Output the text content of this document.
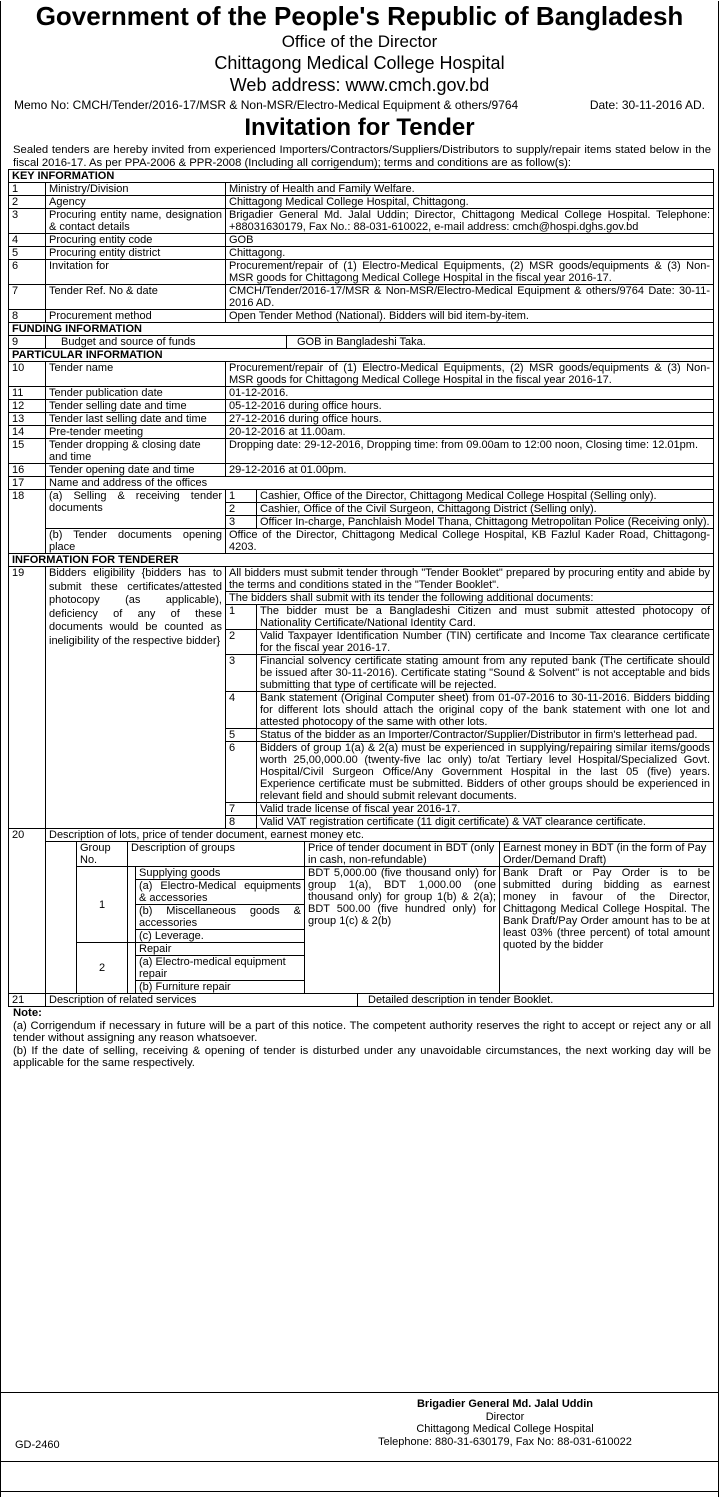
Government of the People's Republic of Bangladesh
Office of the Director
Chittagong Medical College Hospital
Web address: www.cmch.gov.bd
Memo No: CMCH/Tender/2016-17/MSR & Non-MSR/Electro-Medical Equipment & others/9764	Date: 30-11-2016 AD.
Invitation for Tender
Sealed tenders are hereby invited from experienced Importers/Contractors/Suppliers/Distributors to supply/repair items stated below in the fiscal 2016-17. As per PPA-2006 & PPR-2008 (Including all corrigendum); terms and conditions are as follow(s):
KEY INFORMATION
1	Ministry/Division	Ministry of Health and Family Welfare.
2	Agency	Chittagong Medical College Hospital, Chittagong.
3	Procuring entity name, designation & contact details	Brigadier General Md. Jalal Uddin; Director, Chittagong Medical College Hospital. Telephone: +88031630179, Fax No.: 88-031-610022, e-mail address: cmch@hospi.dghs.gov.bd
4	Procuring entity code	GOB
5	Procuring entity district	Chittagong.
6	Invitation for	Procurement/repair of (1) Electro-Medical Equipments, (2) MSR goods/equipments & (3) Non-MSR goods for Chittagong Medical College Hospital in the fiscal year 2016-17.
7	Tender Ref. No & date	CMCH/Tender/2016-17/MSR & Non-MSR/Electro-Medical Equipment & others/9764 Date: 30-11-2016 AD.
8	Procurement method	Open Tender Method (National). Bidders will bid item-by-item.
FUNDING INFORMATION
9		Budget and source of funds	GOB in Bangladeshi Taka.

PARTICULAR INFORMATION
10	Tender name	Procurement/repair of (1) Electro-Medical Equipments, (2) MSR goods/equipments & (3) Non-MSR goods for Chittagong Medical College Hospital in the fiscal year 2016-17.
11	Tender publication date	01-12-2016.
12	Tender selling date and time	05-12-2016 during office hours.
13	Tender last selling date and time	27-12-2016 during office hours.
14	Pre-tender meeting	20-12-2016 at 11.00am.
15	Tender dropping & closing date and time	Dropping date: 29-12-2016, Dropping time: from 09.00am to 12:00 noon, Closing time: 12.01pm.
16	Tender opening date and time	29-12-2016 at 01.00pm.
17	Name and address of the offices
18	(a) Selling & receiving tender documents	
1	Cashier, Office of the Director, Chittagong Medical College Hospital (Selling only).
2	Cashier, Office of the Civil Surgeon, Chittagong District (Selling only).
3	Officer In-charge, Panchlaish Model Thana, Chittagong Metropolitan Police (Receiving only).

(b) Tender documents opening place	Office of the Director, Chittagong Medical College Hospital, KB Fazlul Kader Road, Chittagong-4203.
INFORMATION FOR TENDERER
19	Bidders eligibility {bidders has to submit these certificates/attested photocopy (as applicable), deficiency of any of these documents would be counted as ineligibility of the respective bidder}	
All bidders must submit tender through "Tender Booklet" prepared by procuring entity and abide by the terms and conditions stated in the "Tender Booklet".
The bidders shall submit with its tender the following additional documents:
1	The bidder must be a Bangladeshi Citizen and must submit attested photocopy of Nationality Certificate/National Identity Card.
2	Valid Taxpayer Identification Number (TIN) certificate and Income Tax clearance certificate for the fiscal year 2016-17.
3	Financial solvency certificate stating amount from any reputed bank (The certificate should be issued after 30-11-2016). Certificate stating "Sound & Solvent" is not acceptable and bids submitting that type of certificate will be rejected.
4	Bank statement (Original Computer sheet) from 01-07-2016 to 30-11-2016. Bidders bidding for different lots should attach the original copy of the bank statement with one lot and attested photocopy of the same with other lots.
5	Status of the bidder as an Importer/Contractor/Supplier/Distributor in firm's letterhead pad.
6	Bidders of group 1(a) & 2(a) must be experienced in supplying/repairing similar items/goods worth 25,00,000.00 (twenty-five lac only) to/at Tertiary level Hospital/Specialized Govt. Hospital/Civil Surgeon Office/Any Government Hospital in the last 05 (five) years. Experience certificate must be submitted. Bidders of other groups should be experienced in relevant field and should submit relevant documents.
7	Valid trade license of fiscal year 2016-17.
8	Valid VAT registration certificate (11 digit certificate) & VAT clearance certificate.

20	Description of lots, price of tender document, earnest money etc.
Group No.	Description of groups	Price of tender document in BDT (only in cash, non-refundable)	Earnest money in BDT (in the form of Pay Order/Demand Draft)
1	
Supplying goods
(a) Electro-Medical equipments & accessories
(b) Miscellaneous goods & accessories
(c) Leverage.
	BDT 5,000.00 (five thousand only) for group 1(a), BDT 1,000.00 (one thousand only) for group 1(b) & 2(a); BDT 500.00 (five hundred only) for group 1(c) & 2(b)	Bank Draft or Pay Order is to be submitted during bidding as earnest money in favour of the Director, Chittagong Medical College Hospital. The Bank Draft/Pay Order amount has to be at least 03% (three percent) of total amount quoted by the bidder
2	
Repair
(a) Electro-medical equipment repair
(b) Furniture repair

21	Description of related services	Detailed description in tender Booklet.
Note:
(a) Corrigendum if necessary in future will be a part of this notice. The competent authority reserves the right to accept or reject any or all tender without assigning any reason whatsoever.
(b) If the date of selling, receiving & opening of tender is disturbed under any unavoidable circumstances, the next working day will be applicable for the same respectively.
Brigadier General Md. Jalal Uddin
Director
Chittagong Medical College Hospital
Telephone: 880-31-630179, Fax No: 88-031-610022
GD-2460
